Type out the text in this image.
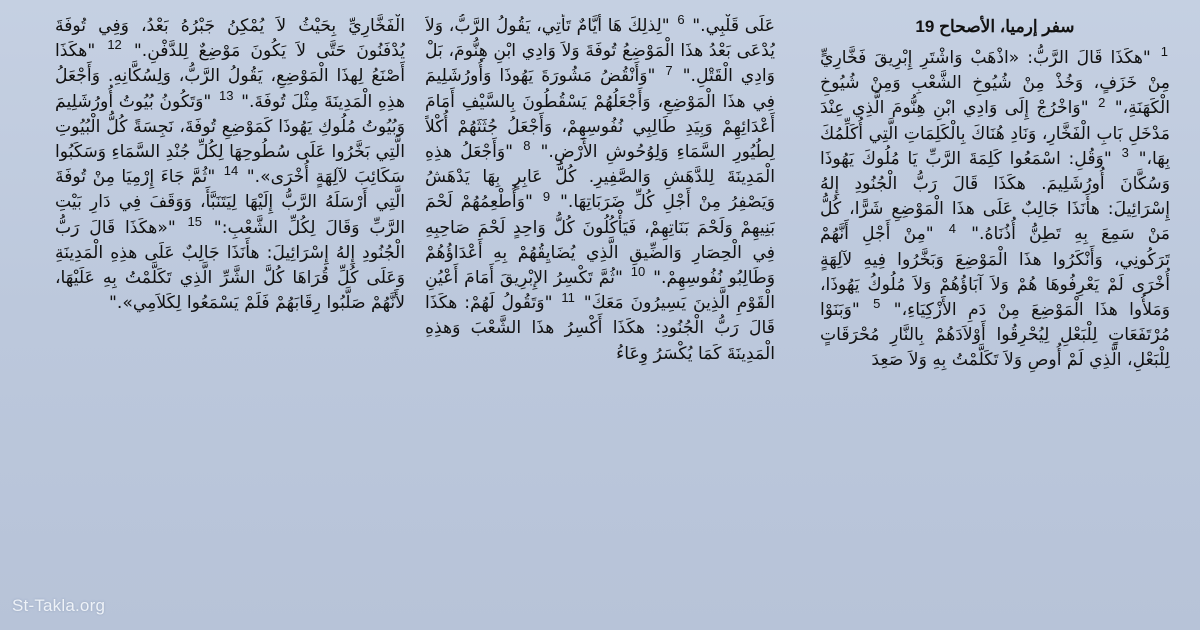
سفر إرميا، الأصحاح 19
$^1$ "هكَذَا قَالَ الرَّبُّ: «اذْهَبْ وَاشْتَرِ إِبْرِيقَ فَخَّارِيٍّ مِنْ خَزَفٍ، وَخُذْ مِنْ شُيُوخِ الشَّعْبِ وَمِنْ شُيُوخِ الْكَهَنَةِ،" $^2$ "وَاخْرُجْ إِلَى وَادِي ابْنِ هِنُّومَ الَّذِي عِنْدَ مَدْخَلِ بَابِ الْفَخَّارِ، وَنَادِ هُنَاكَ بِالْكَلِمَاتِ الَّتِي أُكَلِّمُكَ بِهَا،" $^3$ "وَقُلِ: اسْمَعُوا كَلِمَةَ الرَّبِّ يَا مُلُوكَ يَهُوذَا وَسُكَّانَ أُورُشَلِيمَ. هكَذَا قَالَ رَبُّ الْجُنُودِ إِلهُ إِسْرَائِيلَ: هأَنَذَا جَالِبٌ عَلَى هذَا الْمَوْضِعِ شَرًّا، كُلُّ مَنْ سَمِعَ بِهِ تَطِنُّ أُذُنَاهُ." $^4$ "مِنْ أَجْلِ أَنَّهُمْ تَرَكُونِي، وَأَنْكَرُوا هذَا الْمَوْضِعَ وَبَخَّرُوا فِيهِ لآلِهَةٍ أُخْرَى لَمْ يَعْرِفُوهَا هُمْ وَلاَ آبَاؤُهُمْ وَلاَ مُلُوكُ يَهُوذَا، وَمَلأُوا هذَا الْمَوْضِعَ مِنْ دَمِ الأَزْكِيَاءِ،" $^5$ "وَبَنَوْا مُرْتَفَعَاتٍ لِلْبَعْلِ لِيُحْرِقُوا أَوْلاَدَهُمْ بِالنَّارِ مُحْرَقَاتٍ لِلْبَعْلِ، الَّذِي لَمْ أُوصِ وَلاَ تَكَلَّمْتُ بِهِ وَلاَ صَعِدَ
عَلَى قَلْبِي." $^6$ "لِذلِكَ هَا أَيَّامٌ تَأْتِي، يَقُولُ الرَّبُّ، وَلاَ يُدْعَى بَعْدُ هذَا الْمَوْضِعُ تُوفَةَ وَلاَ وَادِي ابْنِ هِنُّومَ، بَلْ وَادِي الْقَتْلِ." $^7$ "وَأَنْقُضُ مَشُورَةَ يَهُوذَا وَأُورُشَلِيمَ فِي هذَا الْمَوْضِعِ، وَأَجْعَلُهُمْ يَسْقُطُونَ بِالسَّيْفِ أَمَامَ أَعْدَائِهِمْ وَبِيَدِ طَالِبِي نُفُوسِهِمْ، وَأَجْعَلُ جُثَثَهُمْ أُكْلاً لِطُيُورِ السَّمَاءِ وَلِوُحُوشِ الأَرْضِ." $^8$ "وَأَجْعَلُ هذِهِ الْمَدِينَةَ لِلدَّهَشِ وَالصَّفِيرِ. كُلُّ عَابِرٍ بِهَا يَدْهَشُ وَيَصْفِرُ مِنْ أَجْلِ كُلِّ ضَرَبَاتِهَا." $^9$ "وَأُطْعِمُهُمْ لَحْمَ بَنِيهِمْ وَلَحْمَ بَنَاتِهِمْ، فَيَأْكُلُونَ كُلُّ وَاحِدٍ لَحْمَ صَاحِبِهِ فِي الْحِصَارِ وَالضِّيقِ الَّذِي يُضَايِقُهُمْ بِهِ أَعْدَاؤُهُمْ وَطَالِبُو نُفُوسِهِمْ." $^{10}$ "ثُمَّ تَكْسِرُ الإِبْرِيقَ أَمَامَ أَعْيُنِ الْقَوْمِ الَّذِينَ يَسِيرُونَ مَعَكَ" $^{11}$ "وَتَقُولُ لَهُمْ: هكَذَا قَالَ رَبُّ الْجُنُودِ: هكَذَا أَكْسِرُ هذَا الشَّعْبَ وَهذِهِ الْمَدِينَةَ كَمَا يُكْسَرُ وِعَاءُ
الْفَخَّارِيِّ بِحَيْثُ لاَ يُمْكِنُ جَبْرُهُ بَعْدُ، وَفِي تُوفَةَ يُدْفَنُونَ حَتَّى لاَ يَكُونَ مَوْضِعٌ لِلدَّفْنِ." $^{12}$ "هكَذَا أَصْنَعُ لِهذَا الْمَوْضِعِ، يَقُولُ الرَّبُّ، وَلِسُكَّانِهِ. وَأَجْعَلُ هذِهِ الْمَدِينَةَ مِثْلَ تُوفَةَ." $^{13}$ "وَتَكُونُ بُيُوتُ أُورُشَلِيمَ وَبُيُوتُ مُلُوكِ يَهُوذَا كَمَوْضِعِ تُوفَةَ، نَجِسَةً كُلُّ الْبُيُوتِ الَّتِي بَخَّرُوا عَلَى سُطُوحِهَا لِكُلِّ جُنْدِ السَّمَاءِ وَسَكَبُوا سَكَائِبَ لآلِهَةٍ أُخْرَى»." $^{14}$ "ثُمَّ جَاءَ إِرْمِيَا مِنْ تُوفَةَ الَّتِي أَرْسَلَهُ الرَّبُّ إِلَيْهَا لِيَتَنَبَّأَ، وَوَقَفَ فِي دَارِ بَيْتِ الرَّبِّ وَقَالَ لِكُلِّ الشَّعْبِ:" $^{15}$ "«هكَذَا قَالَ رَبُّ الْجُنُودِ إِلهُ إِسْرَائِيلَ: هأَنَذَا جَالِبٌ عَلَى هذِهِ الْمَدِينَةِ وَعَلَى كُلِّ قُرَاهَا كُلَّ الشَّرِّ الَّذِي تَكَلَّمْتُ بِهِ عَلَيْهَا، لأَنَّهُمْ صَلَّبُوا رِقَابَهُمْ فَلَمْ يَسْمَعُوا لِكَلاَمِي»."
St-Takla.org
